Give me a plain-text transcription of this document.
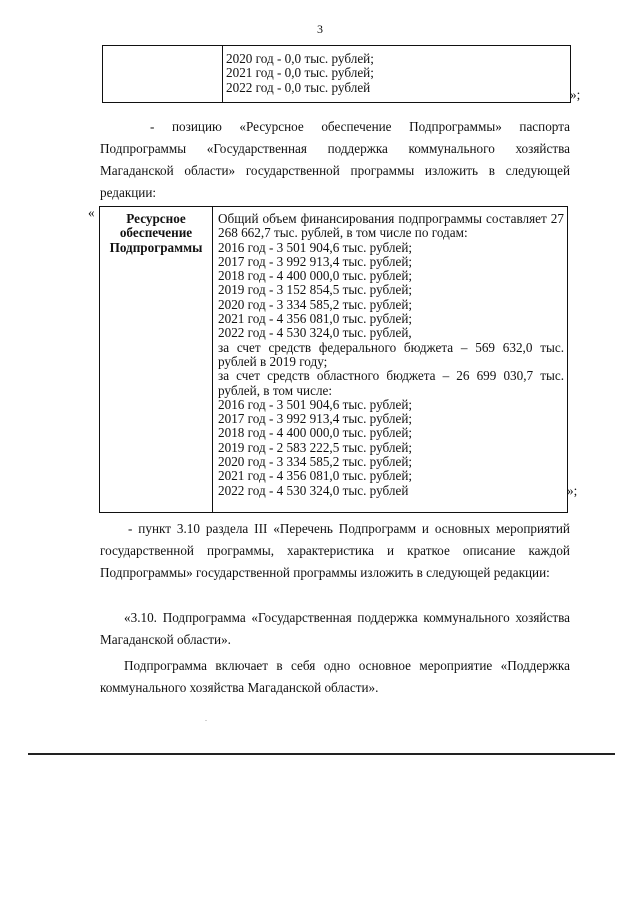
3
2020 год - 0,0 тыс. рублей;
2021 год - 0,0 тыс. рублей;
2022 год - 0,0 тыс. рублей	»;
- позицию «Ресурсное обеспечение Подпрограммы» паспорта Подпрограммы «Государственная поддержка коммунального хозяйства Магаданской области» государственной программы изложить в следующей редакции:
«	Ресурсное обеспечение Подпрограммы
Общий объем финансирования подпрограммы составляет 27 268 662,7 тыс. рублей, в том числе по годам:
2016 год - 3 501 904,6 тыс. рублей;
2017 год - 3 992 913,4 тыс. рублей;
2018 год - 4 400 000,0 тыс. рублей;
2019 год - 3 152 854,5 тыс. рублей;
2020 год - 3 334 585,2 тыс. рублей;
2021 год - 4 356 081,0 тыс. рублей;
2022 год - 4 530 324,0 тыс. рублей,
за счет средств федерального бюджета – 569 632,0 тыс. рублей в 2019 году;
за счет средств областного бюджета – 26 699 030,7 тыс. рублей, в том числе:
2016 год - 3 501 904,6 тыс. рублей;
2017 год - 3 992 913,4 тыс. рублей;
2018 год - 4 400 000,0 тыс. рублей;
2019 год - 2 583 222,5 тыс. рублей;
2020 год - 3 334 585,2 тыс. рублей;
2021 год - 4 356 081,0 тыс. рублей;
2022 год - 4 530 324,0 тыс. рублей	»;
- пункт 3.10 раздела III «Перечень Подпрограмм и основных мероприятий государственной программы, характеристика и краткое описание каждой Подпрограммы» государственной программы изложить в следующей редакции:
«3.10. Подпрограмма «Государственная поддержка коммунального хозяйства Магаданской области».
Подпрограмма включает в себя одно основное мероприятие «Поддержка коммунального хозяйства Магаданской области».
.
